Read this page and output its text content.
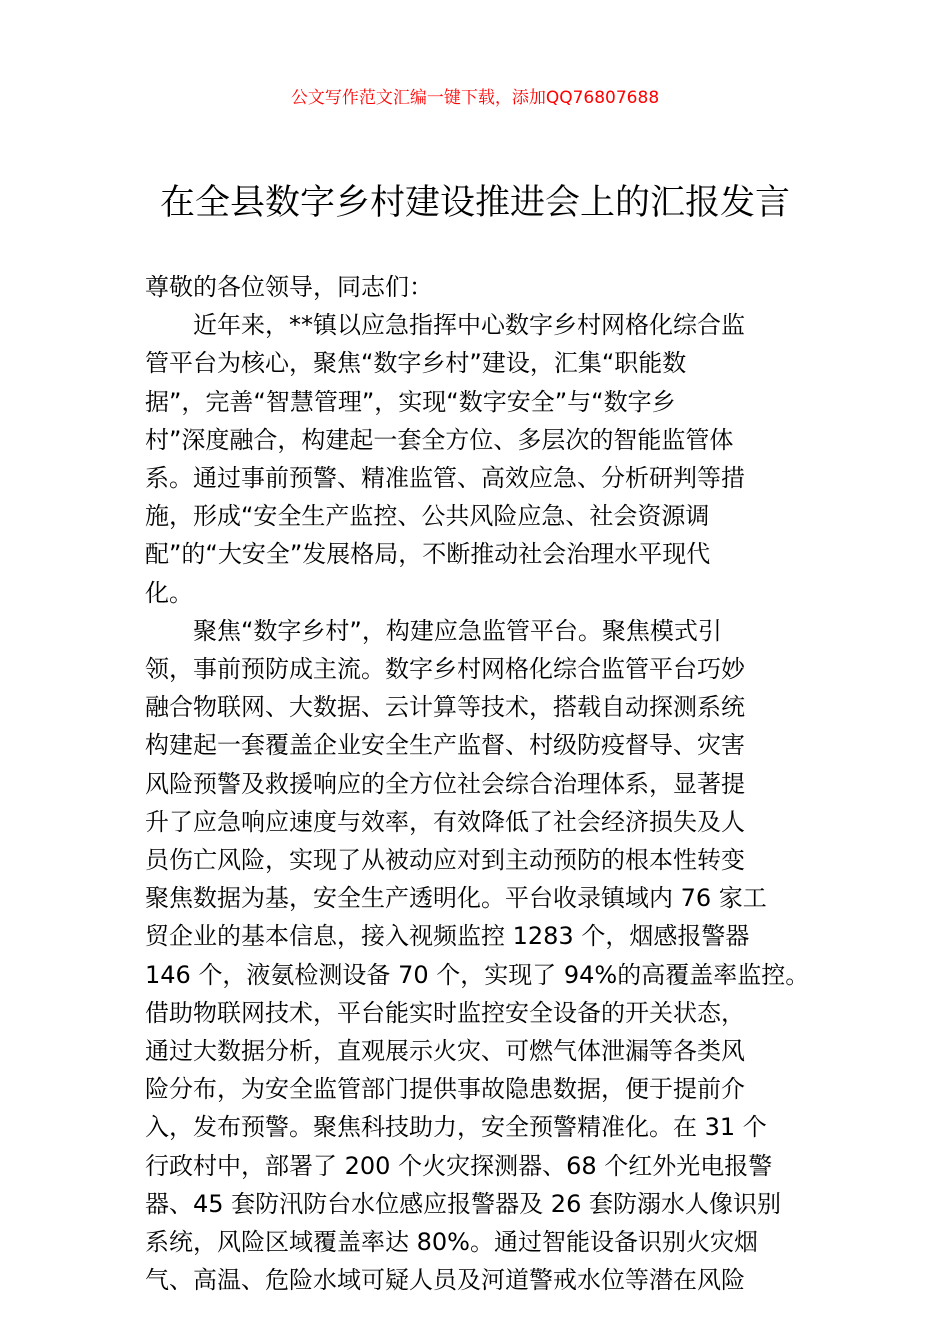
公文写作范文汇编一键下载，添加QQ76807688
在全县数字乡村建设推进会上的汇报发言

尊敬的各位领导，同志们：

近年来，**镇以应急指挥中心数字乡村网格化综合监
管平台为核心，聚焦“数字乡村”建设，汇集“职能数
据”，完善“智慧管理”，实现“数字安全”与“数字乡
村”深度融合，构建起一套全方位、多层次的智能监管体
系。通过事前预警、精准监管、高效应急、分析研判等措
施，形成“安全生产监控、公共风险应急、社会资源调
配”的“大安全”发展格局，不断推动社会治理水平现代
化。

聚焦“数字乡村”，构建应急监管平台。聚焦模式引
领，事前预防成主流。数字乡村网格化综合监管平台巧妙
融合物联网、大数据、云计算等技术，搭载自动探测系统
构建起一套覆盖企业安全生产监督、村级防疫督导、灾害
风险预警及救援响应的全方位社会综合治理体系，显著提
升了应急响应速度与效率，有效降低了社会经济损失及人
员伤亡风险，实现了从被动应对到主动预防的根本性转变
聚焦数据为基，安全生产透明化。平台收录镇域内 76 家工
贸企业的基本信息，接入视频监控 1283 个，烟感报警器
146 个，液氨检测设备 70 个，实现了 94%的高覆盖率监控。
借助物联网技术，平台能实时监控安全设备的开关状态，
通过大数据分析，直观展示火灾、可燃气体泄漏等各类风
险分布，为安全监管部门提供事故隐患数据，便于提前介
入，发布预警。聚焦科技助力，安全预警精准化。在 31 个
行政村中，部署了 200 个火灾探测器、68 个红外光电报警
器、45 套防汛防台水位感应报警器及 26 套防溺水人像识别
系统，风险区域覆盖率达 80%。通过智能设备识别火灾烟
气、高温、危险水域可疑人员及河道警戒水位等潜在风险
